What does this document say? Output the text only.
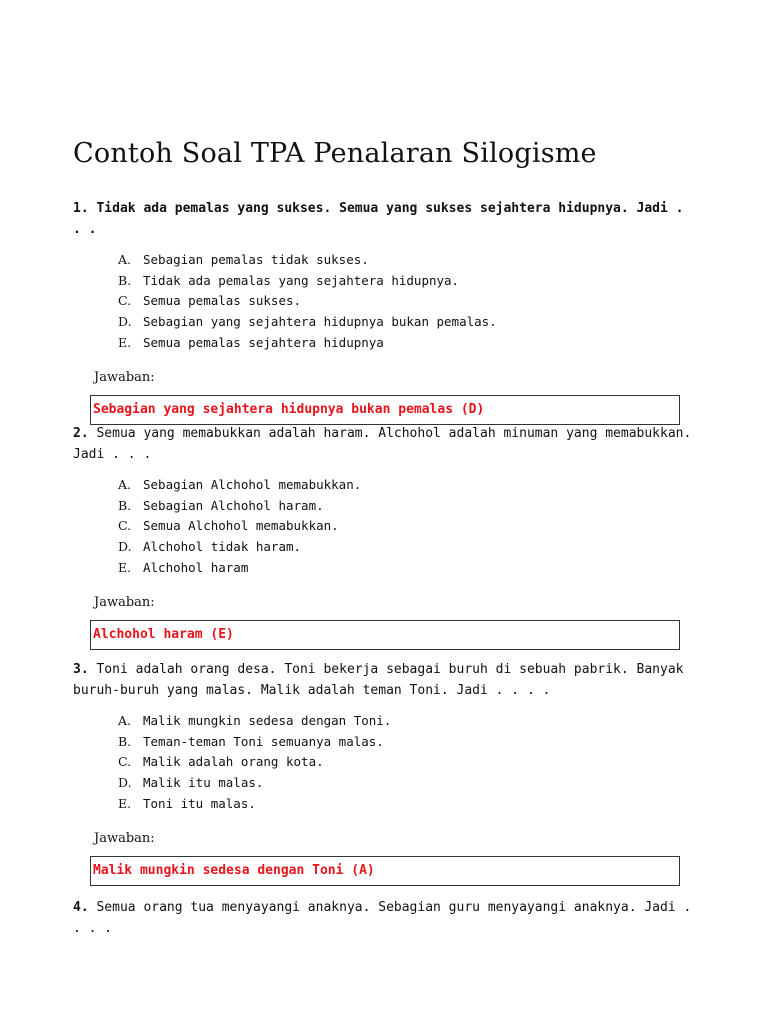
Contoh Soal TPA Penalaran Silogisme

1. Tidak ada pemalas yang sukses. Semua yang sukses sejahtera hidupnya. Jadi . . .

A. Sebagian pemalas tidak sukses.
B. Tidak ada pemalas yang sejahtera hidupnya.
C. Semua pemalas sukses.
D. Sebagian yang sejahtera hidupnya bukan pemalas.
E. Semua pemalas sejahtera hidupnya
Jawaban:
Sebagian yang sejahtera hidupnya bukan pemalas (D)

2. Semua yang memabukkan adalah haram. Alchohol adalah minuman yang memabukkan. Jadi . . .

A. Sebagian Alchohol memabukkan.
B. Sebagian Alchohol haram.
C. Semua Alchohol memabukkan.
D. Alchohol tidak haram.
E. Alchohol haram
Jawaban:
Alchohol haram (E)

3. Toni adalah orang desa. Toni bekerja sebagai buruh di sebuah pabrik. Banyak buruh-buruh yang malas. Malik adalah teman Toni. Jadi . . . .

A. Malik mungkin sedesa dengan Toni.
B. Teman-teman Toni semuanya malas.
C. Malik adalah orang kota.
D. Malik itu malas.
E. Toni itu malas.
Jawaban:
Malik mungkin sedesa dengan Toni (A)

4. Semua orang tua menyayangi anaknya. Sebagian guru menyayangi anaknya. Jadi . . . .
